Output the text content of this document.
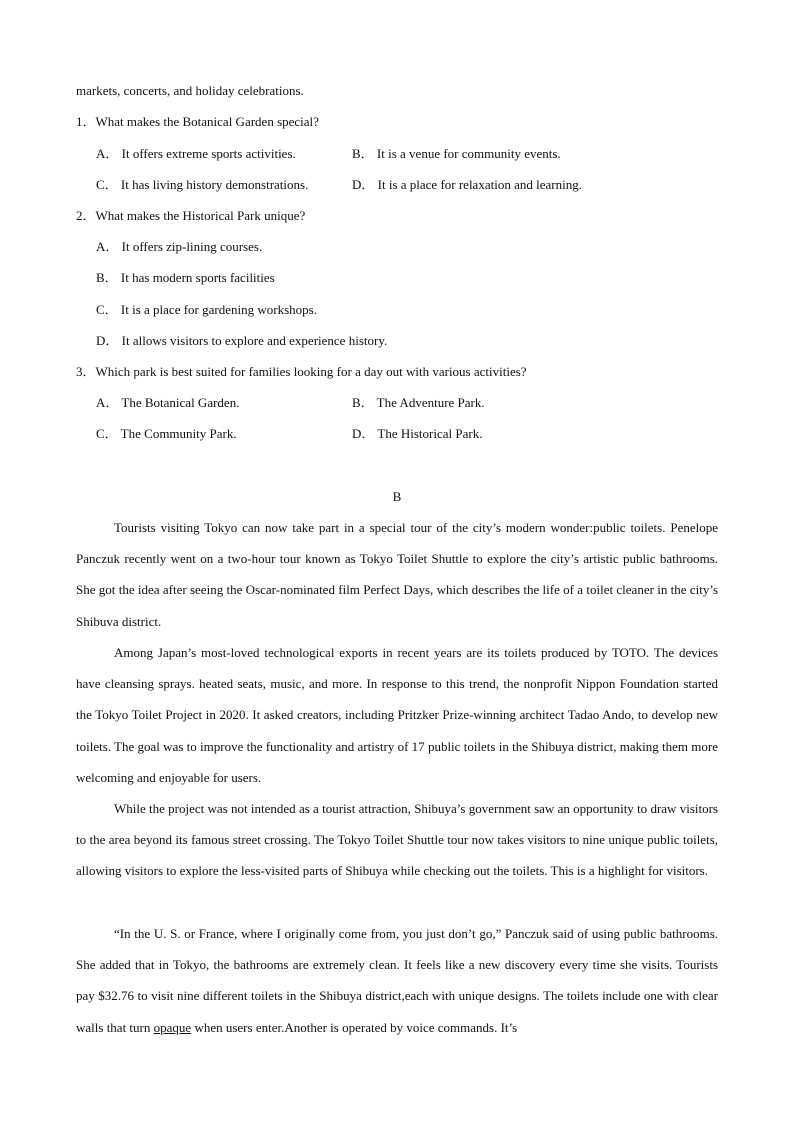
markets, concerts, and holiday celebrations.
1．What makes the Botanical Garden special?
A． It offers extreme sports activities.	B． It is a venue for community events.
C． It has living history demonstrations.	D． It is a place for relaxation and learning.
2．What makes the Historical Park unique?
A． It offers zip-lining courses.
B． It has modern sports facilities
C． It is a place for gardening workshops.
D． It allows visitors to explore and experience history.
3．Which park is best suited for families looking for a day out with various activities?
A． The Botanical Garden.	B． The Adventure Park.
C． The Community Park.	D． The Historical Park.
B

Tourists visiting Tokyo can now take part in a special tour of the city’s modern wonder:public toilets. Penelope Panczuk recently went on a two-hour tour known as Tokyo Toilet Shuttle to explore the city’s artistic public bathrooms. She got the idea after seeing the Oscar-nominated film Perfect Days, which describes the life of a toilet cleaner in the city’s Shibuva district.

Among Japan’s most-loved technological exports in recent years are its toilets produced by TOTO. The devices have cleansing sprays. heated seats, music, and more. In response to this trend, the nonprofit Nippon Foundation started the Tokyo Toilet Project in 2020. It asked creators, including Pritzker Prize-winning architect Tadao Ando, to develop new toilets. The goal was to improve the functionality and artistry of 17 public toilets in the Shibuya district, making them more welcoming and enjoyable for users.

While the project was not intended as a tourist attraction, Shibuya’s government saw an opportunity to draw visitors to the area beyond its famous street crossing. The Tokyo Toilet Shuttle tour now takes visitors to nine unique public toilets, allowing visitors to explore the less-visited parts of Shibuya while checking out the toilets. This is a highlight for visitors.

“In the U. S. or France, where I originally come from, you just don’t go,” Panczuk said of using public bathrooms. She added that in Tokyo, the bathrooms are extremely clean. It feels like a new discovery every time she visits. Tourists pay $32.76 to visit nine different toilets in the Shibuya district,each with unique designs. The toilets include one with clear walls that turn opaque when users enter.Another is operated by voice commands. It’s
